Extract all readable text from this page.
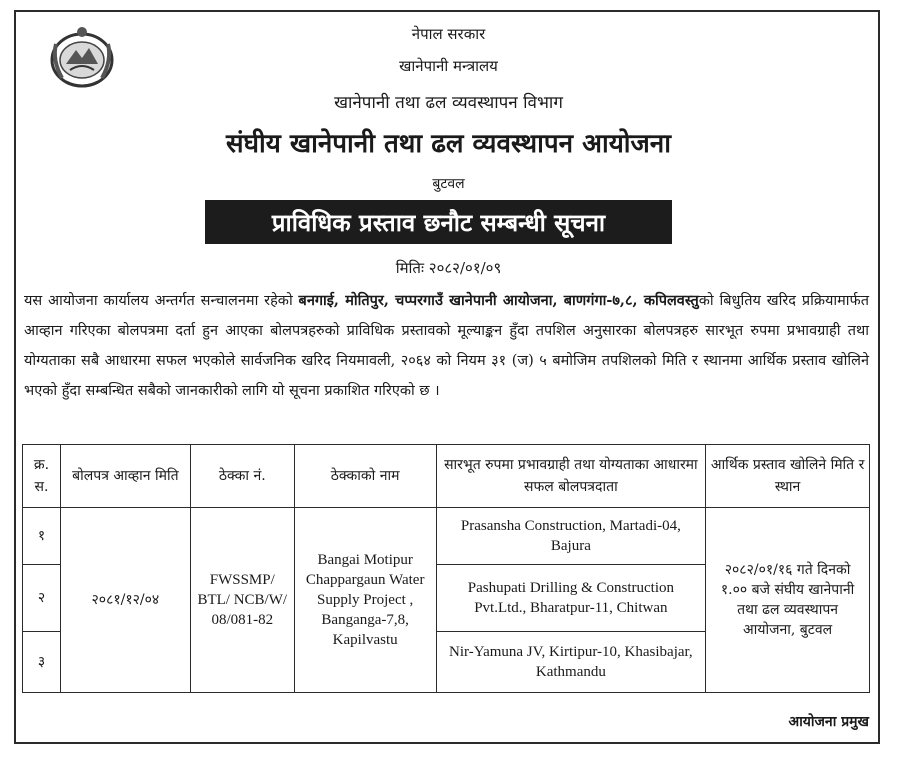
नेपाल सरकार
खानेपानी मन्त्रालय
खानेपानी तथा ढल व्यवस्थापन विभाग
संघीय खानेपानी तथा ढल व्यवस्थापन आयोजना
बुटवल
प्राविधिक प्रस्ताव छनौट सम्बन्धी सूचना
मितिः २०८२/०१/०९
यस आयोजना कार्यालय अन्तर्गत सन्चालनमा रहेको बनगाई, मोतिपुर, चप्परगाउँ खानेपानी आयोजना, बाणगंगा-७,८, कपिलवस्तुको बिधुतिय खरिद प्रक्रियामार्फत आव्हान गरिएका बोलपत्रमा दर्ता हुन आएका बोलपत्रहरुको प्राविधिक प्रस्तावको मूल्याङ्कन हुँदा तपशिल अनुसारका बोलपत्रहरु सारभूत रुपमा प्रभावग्राही तथा योग्यताका सबै आधारमा सफल भएकोले सार्वजनिक खरिद नियमावली, २०६४ को नियम ३१ (ज) ५ बमोजिम तपशिलको मिति र स्थानमा आर्थिक प्रस्ताव खोलिने भएको हुँदा सम्बन्धित सबैको जानकारीको लागि यो सूचना प्रकाशित गरिएको छ ।
क्र. स.	बोलपत्र आव्हान मिति	ठेक्का नं.	ठेक्काको नाम	सारभूत रुपमा प्रभावग्राही तथा योग्यताका आधारमा सफल बोलपत्रदाता	आर्थिक प्रस्ताव खोलिने मिति र स्थान
१	२०८१/१२/०४	FWSSMP/ BTL/ NCB/W/ 08/081-82	Bangai Motipur Chappargaun Water Supply Project , Banganga-7,8, Kapilvastu	Prasansha Construction, Martadi-04, Bajura	२०८२/०१/१६ गते दिनको १.०० बजे संघीय खानेपानी तथा ढल व्यवस्थापन आयोजना, बुटवल
२				Pashupati Drilling & Construction Pvt.Ltd., Bharatpur-11, Chitwan	
३				Nir-Yamuna JV, Kirtipur-10, Khasibajar, Kathmandu	
आयोजना प्रमुख
